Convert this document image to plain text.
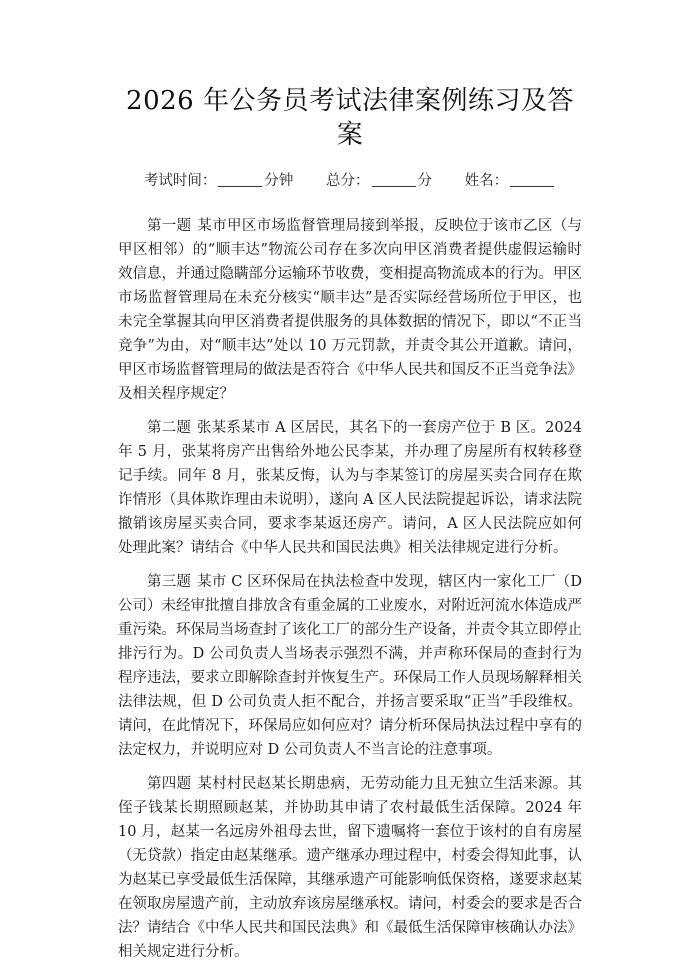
2026 年公务员考试法律案例练习及答案
考试时间：	分钟 总分：	分 姓名：

第一题 某市甲区市场监督管理局接到举报，反映位于该市乙区（与甲区相邻）的“顺丰达”物流公司存在多次向甲区消费者提供虚假运输时效信息，并通过隐瞒部分运输环节收费，变相提高物流成本的行为。甲区市场监督管理局在未充分核实“顺丰达”是否实际经营场所位于甲区，也未完全掌握其向甲区消费者提供服务的具体数据的情况下，即以“不正当竞争”为由，对“顺丰达”处以 10 万元罚款，并责令其公开道歉。请问，甲区市场监督管理局的做法是否符合《中华人民共和国反不正当竞争法》及相关程序规定？

第二题 张某系某市 A 区居民，其名下的一套房产位于 B 区。2024 年 5 月，张某将房产出售给外地公民李某，并办理了房屋所有权转移登记手续。同年 8 月，张某反悔，认为与李某签订的房屋买卖合同存在欺诈情形（具体欺诈理由未说明），遂向 A 区人民法院提起诉讼，请求法院撤销该房屋买卖合同，要求李某返还房产。请问，A 区人民法院应如何处理此案？请结合《中华人民共和国民法典》相关法律规定进行分析。

第三题 某市 C 区环保局在执法检查中发现，辖区内一家化工厂（D 公司）未经审批擅自排放含有重金属的工业废水，对附近河流水体造成严重污染。环保局当场查封了该化工厂的部分生产设备，并责令其立即停止排污行为。D 公司负责人当场表示强烈不满，并声称环保局的查封行为程序违法，要求立即解除查封并恢复生产。环保局工作人员现场解释相关法律法规，但 D 公司负责人拒不配合，并扬言要采取“正当”手段维权。请问，在此情况下，环保局应如何应对？请分析环保局执法过程中享有的法定权力，并说明应对 D 公司负责人不当言论的注意事项。

第四题 某村村民赵某长期患病，无劳动能力且无独立生活来源。其侄子钱某长期照顾赵某，并协助其申请了农村最低生活保障。2024 年 10 月，赵某一名远房外祖母去世，留下遗嘱将一套位于该村的自有房屋（无贷款）指定由赵某继承。遗产继承办理过程中，村委会得知此事，认为赵某已享受最低生活保障，其继承遗产可能影响低保资格，遂要求赵某在领取房屋遗产前，主动放弃该房屋继承权。请问，村委会的要求是否合法？请结合《中华人民共和国民法典》和《最低生活保障审核确认办法》相关规定进行分析。
